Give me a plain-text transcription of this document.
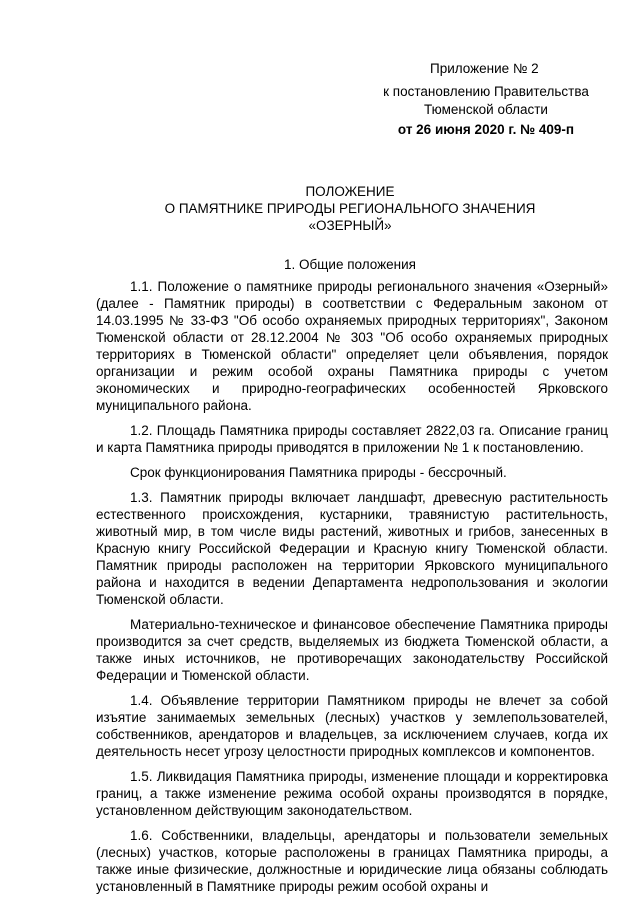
Приложение № 2
к постановлению Правительства
Тюменской области
от 26 июня 2020 г. № 409-п
ПОЛОЖЕНИЕ
О ПАМЯТНИКЕ ПРИРОДЫ РЕГИОНАЛЬНОГО ЗНАЧЕНИЯ
«ОЗЕРНЫЙ»
1. Общие положения

1.1. Положение о памятнике природы регионального значения «Озерный» (далее - Памятник природы) в соответствии с Федеральным законом от 14.03.1995 № 33-ФЗ "Об особо охраняемых природных территориях", Законом Тюменской области от 28.12.2004 № 303 "Об особо охраняемых природных территориях в Тюменской области" определяет цели объявления, порядок организации и режим особой охраны Памятника природы с учетом экономических и природно-географических особенностей Ярковского муниципального района.

1.2. Площадь Памятника природы составляет 2822,03 га. Описание границ и карта Памятника природы приводятся в приложении № 1 к постановлению.

Срок функционирования Памятника природы - бессрочный.

1.3. Памятник природы включает ландшафт, древесную растительность естественного происхождения, кустарники, травянистую растительность, животный мир, в том числе виды растений, животных и грибов, занесенных в Красную книгу Российской Федерации и Красную книгу Тюменской области. Памятник природы расположен на территории Ярковского муниципального района и находится в ведении Департамента недропользования и экологии Тюменской области.

Материально-техническое и финансовое обеспечение Памятника природы производится за счет средств, выделяемых из бюджета Тюменской области, а также иных источников, не противоречащих законодательству Российской Федерации и Тюменской области.

1.4. Объявление территории Памятником природы не влечет за собой изъятие занимаемых земельных (лесных) участков у землепользователей, собственников, арендаторов и владельцев, за исключением случаев, когда их деятельность несет угрозу целостности природных комплексов и компонентов.

1.5. Ликвидация Памятника природы, изменение площади и корректировка границ, а также изменение режима особой охраны производятся в порядке, установленном действующим законодательством.

1.6. Собственники, владельцы, арендаторы и пользователи земельных (лесных) участков, которые расположены в границах Памятника природы, а также иные физические, должностные и юридические лица обязаны соблюдать установленный в Памятнике природы режим особой охраны и
